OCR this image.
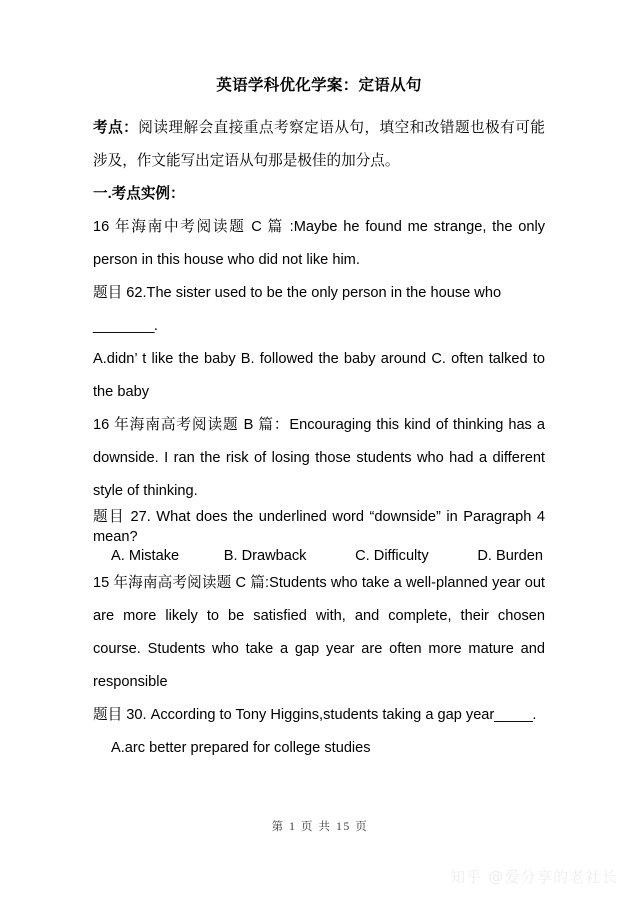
英语学科优化学案：定语从句

考点：阅读理解会直接重点考察定语从句，填空和改错题也极有可能涉及，作文能写出定语从句那是极佳的加分点。

一.考点实例：

16 年海南中考阅读题 C 篇 :Maybe he found me strange, the only person in this house who did not like him.

题目 62.The sister used to be the only person in the house who

________.

A.didn’ t like the baby B. followed the baby around C. often talked to the baby

16 年海南高考阅读题 B 篇：Encouraging this kind of thinking has a downside. I ran the risk of losing those students who had a different style of thinking.

题目 27. What does the underlined word “downside” in Paragraph 4 mean?

A. Mistake	B. Drawback	C. Difficulty	D. Burden

15 年海南高考阅读题 C 篇:Students who take a well-planned year out are more likely to be satisfied with, and complete, their chosen course. Students who take a gap year are often more mature and responsible

题目 30. According to Tony Higgins,students taking a gap year_____.

A.arc better prepared for college studies

第 1 页 共 15 页
知乎 @爱分享的老社长
